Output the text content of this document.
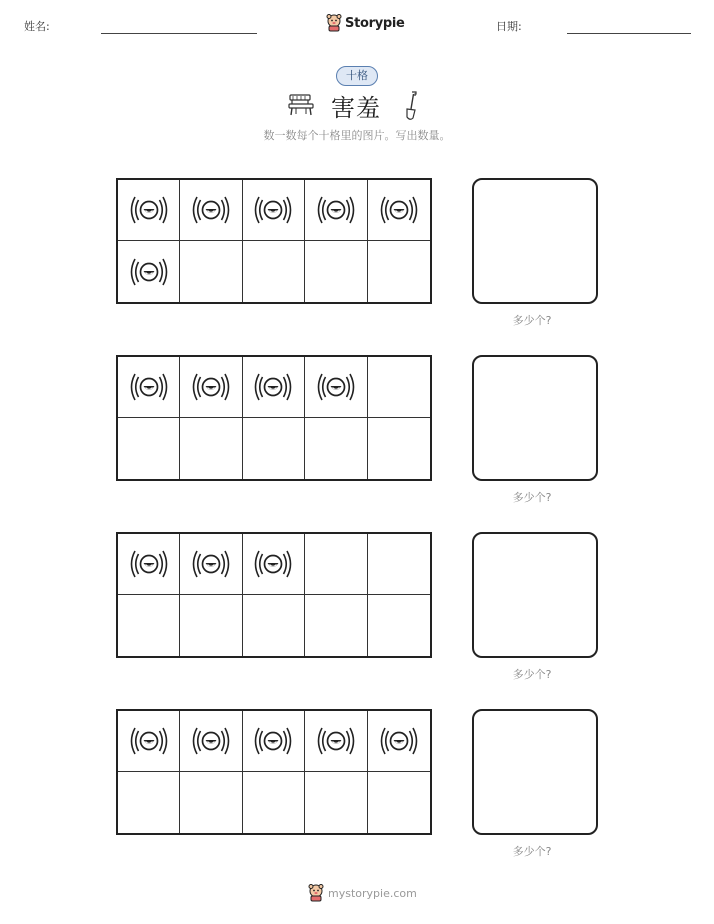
姓名:	Storypie	日期:
十格
害羞
数一数每个十格里的图片。写出数量。
多少个?
多少个?
多少个?
多少个?
mystorypie.com
